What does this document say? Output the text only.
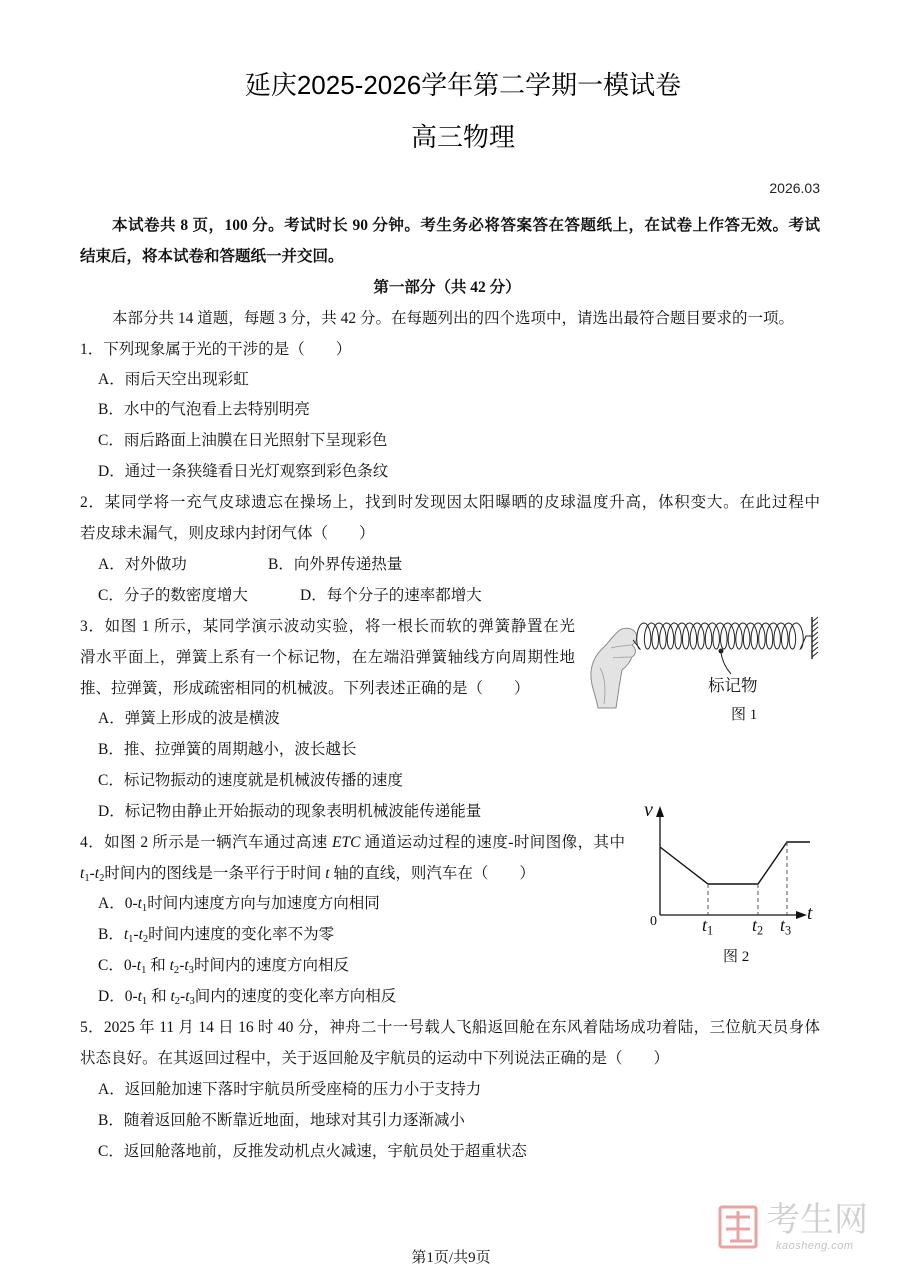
延庆2025-2026学年第二学期一模试卷
高三物理
2026.03
本试卷共 8 页，100 分。考试时长 90 分钟。考生务必将答案答在答题纸上，在试卷上作答无效。考试
结束后，将本试卷和答题纸一并交回。
第一部分（共 42 分）
本部分共 14 道题，每题 3 分，共 42 分。在每题列出的四个选项中，请选出最符合题目要求的一项。
1．下列现象属于光的干涉的是（　　）
A．雨后天空出现彩虹
B．水中的气泡看上去特别明亮
C．雨后路面上油膜在日光照射下呈现彩色
D．通过一条狭缝看日光灯观察到彩色条纹
2．某同学将一充气皮球遗忘在操场上，找到时发现因太阳曝晒的皮球温度升高，体积变大。在此过程中
若皮球未漏气，则皮球内封闭气体（　　）
A．对外做功	B．向外界传递热量
C．分子的数密度增大	D．每个分子的速率都增大
3．如图 1 所示，某同学演示波动实验，将一根长而软的弹簧静置在光
滑水平面上，弹簧上系有一个标记物，在左端沿弹簧轴线方向周期性地
推、拉弹簧，形成疏密相同的机械波。下列表述正确的是（　　）
A．弹簧上形成的波是横波
B．推、拉弹簧的周期越小，波长越长
C．标记物振动的速度就是机械波传播的速度
D．标记物由静止开始振动的现象表明机械波能传递能量
4．如图 2 所示是一辆汽车通过高速 ETC 通道运动过程的速度-时间图像，其中
$t_1-t_2$时间内的图线是一条平行于时间 t 轴的直线，则汽车在（　　）
A．$0-t_1$时间内速度方向与加速度方向相同
B．$t_1-t_2$时间内速度的变化率不为零
C．$0-t_1$ 和 $t_2-t_3$时间内的速度方向相反
D．$0-t_1$ 和 $t_2-t_3$间内的速度的变化率方向相反
5．2025 年 11 月 14 日 16 时 40 分，神舟二十一号载人飞船返回舱在东风着陆场成功着陆，三位航天员身体
状态良好。在其返回过程中，关于返回舱及宇航员的运动中下列说法正确的是（　　）
A．返回舱加速下落时宇航员所受座椅的压力小于支持力
B．随着返回舱不断靠近地面，地球对其引力逐渐减小
C．返回舱落地前，反推发动机点火减速，宇航员处于超重状态
标记物
图 1
v
t
0	$t_1$ $t_2$ $t_3$
图 2
考生网
kaosheng.com
第1页/共9页
